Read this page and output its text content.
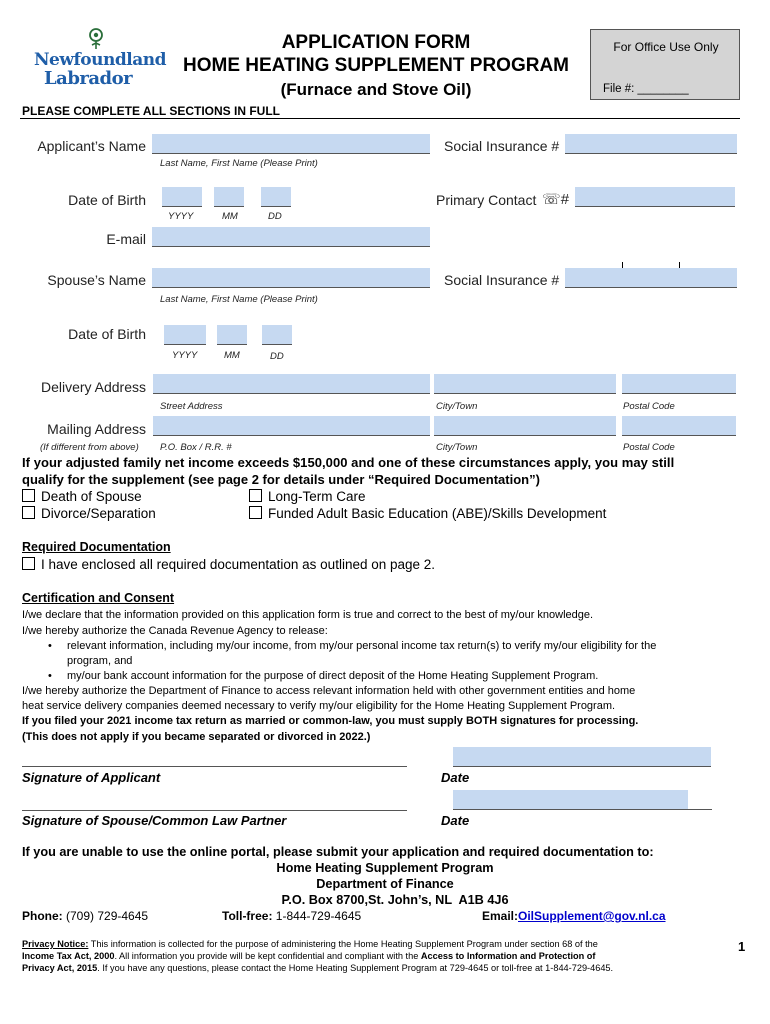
Newfoundland
Labrador
APPLICATION FORM
HOME HEATING SUPPLEMENT PROGRAM
(Furnace and Stove Oil)
For Office Use Only
File #: ________
PLEASE COMPLETE ALL SECTIONS IN FULL
Applicant’s Name
Last Name, First Name (Please Print)
Social Insurance #
Date of Birth
YYYY	MM	DD
Primary Contact ☏#
E-mail
Spouse’s Name
Last Name, First Name (Please Print)
Social Insurance #
Date of Birth
YYYY	MM	DD
Delivery Address
Street Address	City/Town	Postal Code
Mailing Address
(If different from above) P.O. Box / R.R. #	City/Town	Postal Code
If your adjusted family net income exceeds $150,000 and one of these circumstances apply, you may still
qualify for the supplement (see page 2 for details under “Required Documentation”)
Death of Spouse	Long-Term Care
Divorce/Separation	Funded Adult Basic Education (ABE)/Skills Development
Required Documentation
I have enclosed all required documentation as outlined on page 2.
Certification and Consent
I/we declare that the information provided on this application form is true and correct to the best of my/our knowledge.
I/we hereby authorize the Canada Revenue Agency to release:
• relevant information, including my/our income, from my/our personal income tax return(s) to verify my/our eligibility for the
program, and
• my/our bank account information for the purpose of direct deposit of the Home Heating Supplement Program.
I/we hereby authorize the Department of Finance to access relevant information held with other government entities and home
heat service delivery companies deemed necessary to verify my/our eligibility for the Home Heating Supplement Program.
If you filed your 2021 income tax return as married or common-law, you must supply BOTH signatures for processing.
(This does not apply if you became separated or divorced in 2022.)
Signature of Applicant	Date
Signature of Spouse/Common Law Partner	Date
If you are unable to use the online portal, please submit your application and required documentation to:
Home Heating Supplement Program
Department of Finance
P.O. Box 8700,St. John’s, NL  A1B 4J6
Phone: (709) 729-4645	Toll-free: 1-844-729-4645	Email:OilSupplement@gov.nl.ca
Privacy Notice: This information is collected for the purpose of administering the Home Heating Supplement Program under section 68 of the
Income Tax Act, 2000. All information you provide will be kept confidential and compliant with the Access to Information and Protection of
Privacy Act, 2015. If you have any questions, please contact the Home Heating Supplement Program at 729-4645 or toll-free at 1-844-729-4645.
1
